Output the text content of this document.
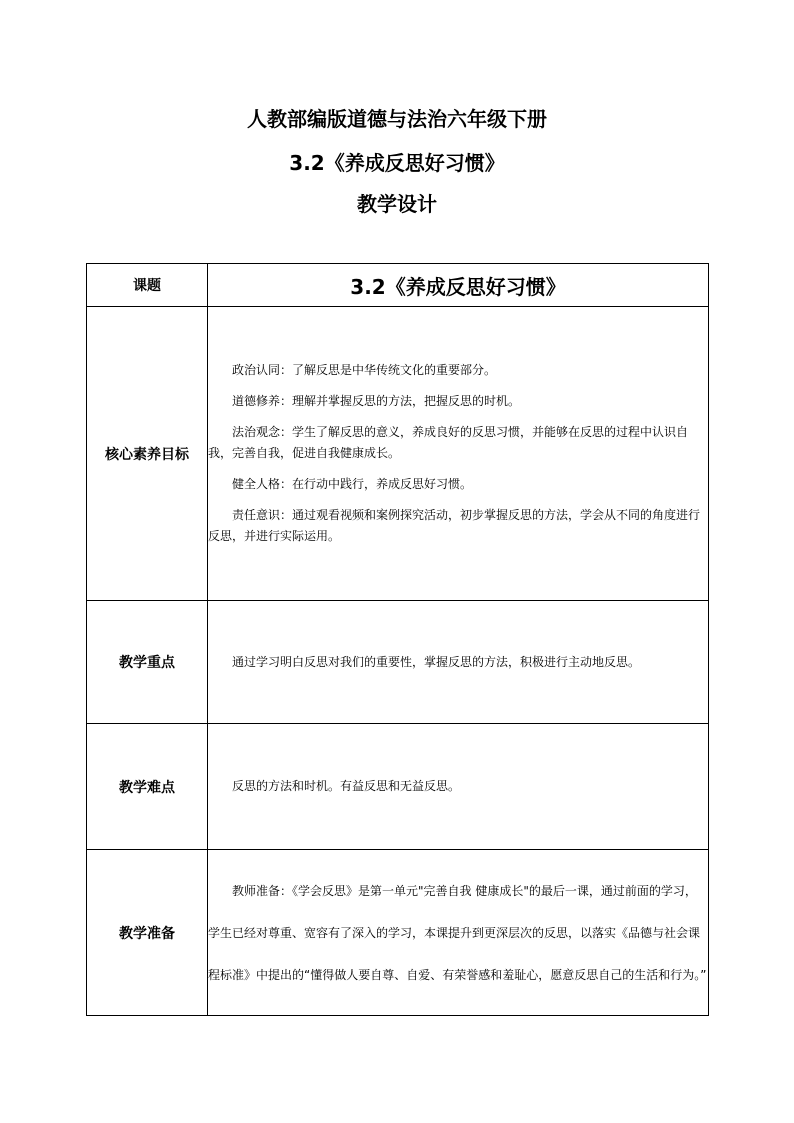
人教部编版道德与法治六年级下册

3.2《养成反思好习惯》

教学设计

课题	3.2《养成反思好习惯》
核心素养目标	政治认同：了解反思是中华传统文化的重要部分。

道德修养：理解并掌握反思的方法，把握反思的时机。

法治观念：学生了解反思的意义，养成良好的反思习惯，并能够在反思的过程中认识自我，完善自我，促进自我健康成长。

健全人格：在行动中践行，养成反思好习惯。

责任意识：通过观看视频和案例探究活动，初步掌握反思的方法，学会从不同的角度进行反思，并进行实际运用。

教学重点	通过学习明白反思对我们的重要性，掌握反思的方法，积极进行主动地反思。

教学难点	反思的方法和时机。有益反思和无益反思。

教学准备	教师准备：《学会反思》是第一单元"完善自我 健康成长"的最后一课，通过前面的学习，学生已经对尊重、宽容有了深入的学习，本课提升到更深层次的反思，以落实《品德与社会课程标准》中提出的“懂得做人要自尊、自爱、有荣誉感和羞耻心，愿意反思自己的生活和行为。”
